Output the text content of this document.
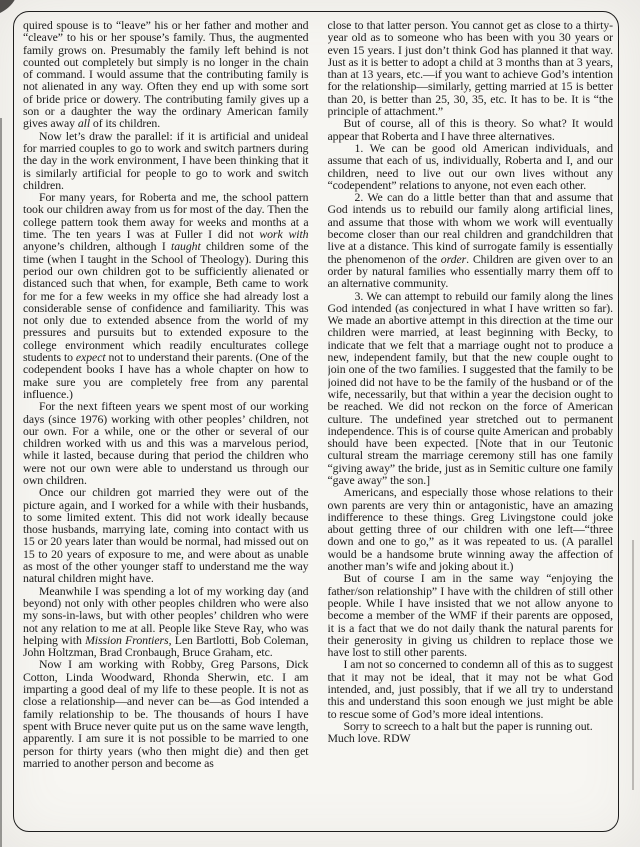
quired spouse is to “leave” his or her father and mother and “cleave” to his or her spouse’s family. Thus, the augmented family grows on. Presumably the family left behind is not counted out completely but simply is no longer in the chain of command. I would assume that the contributing family is not alienated in any way. Often they end up with some sort of bride price or dowery. The contributing family gives up a son or a daughter the way the ordinary American family gives away all of its children.

Now let’s draw the parallel: if it is artificial and unideal for married couples to go to work and switch partners during the day in the work environment, I have been thinking that it is similarly artificial for people to go to work and switch children.

For many years, for Roberta and me, the school pattern took our children away from us for most of the day. Then the college pattern took them away for weeks and months at a time. The ten years I was at Fuller I did not work with anyone’s children, although I taught children some of the time (when I taught in the School of Theology). During this period our own children got to be sufficiently alienated or distanced such that when, for example, Beth came to work for me for a few weeks in my office she had already lost a considerable sense of confidence and familiarity. This was not only due to extended absence from the world of my pressures and pursuits but to extended exposure to the college environment which readily enculturates college students to expect not to understand their parents. (One of the codependent books I have has a whole chapter on how to make sure you are completely free from any parental influence.)

For the next fifteen years we spent most of our working days (since 1976) working with other peoples’ children, not our own. For a while, one or the other or several of our children worked with us and this was a marvelous period, while it lasted, because during that period the children who were not our own were able to understand us through our own children.

Once our children got married they were out of the picture again, and I worked for a while with their husbands, to some limited extent. This did not work ideally because those husbands, marrying late, coming into contact with us 15 or 20 years later than would be normal, had missed out on 15 to 20 years of exposure to me, and were about as unable as most of the other younger staff to understand me the way natural children might have.

Meanwhile I was spending a lot of my working day (and beyond) not only with other peoples children who were also my sons-in-laws, but with other peoples’ children who were not any relation to me at all. People like Steve Ray, who was helping with Mission Frontiers, Len Bartlotti, Bob Coleman, John Holtzman, Brad Cronbaugh, Bruce Graham, etc.

Now I am working with Robby, Greg Parsons, Dick Cotton, Linda Woodward, Rhonda Sherwin, etc. I am imparting a good deal of my life to these people. It is not as close a relationship—and never can be—as God intended a family relationship to be. The thousands of hours I have spent with Bruce never quite put us on the same wave length, apparently. I am sure it is not possible to be married to one person for thirty years (who then might die) and then get married to another person and become as

close to that latter person. You cannot get as close to a thirty-year old as to someone who has been with you 30 years or even 15 years. I just don’t think God has planned it that way. Just as it is better to adopt a child at 3 months than at 3 years, than at 13 years, etc.—if you want to achieve God’s intention for the relationship—similarly, getting married at 15 is better than 20, is better than 25, 30, 35, etc. It has to be. It is “the principle of attachment.”

But of course, all of this is theory. So what? It would appear that Roberta and I have three alternatives.

1. We can be good old American individuals, and assume that each of us, individually, Roberta and I, and our children, need to live out our own lives without any “codependent” relations to anyone, not even each other.

2. We can do a little better than that and assume that God intends us to rebuild our family along artificial lines, and assume that those with whom we work will eventually become closer than our real children and grandchildren that live at a distance. This kind of surrogate family is essentially the phenomenon of the order. Children are given over to an order by natural families who essentially marry them off to an alternative community.

3. We can attempt to rebuild our family along the lines God intended (as conjectured in what I have written so far). We made an abortive attempt in this direction at the time our children were married, at least beginning with Becky, to indicate that we felt that a marriage ought not to produce a new, independent family, but that the new couple ought to join one of the two families. I suggested that the family to be joined did not have to be the family of the husband or of the wife, necessarily, but that within a year the decision ought to be reached. We did not reckon on the force of American culture. The undefined year stretched out to permanent independence. This is of course quite American and probably should have been expected. [Note that in our Teutonic cultural stream the marriage ceremony still has one family “giving away” the bride, just as in Semitic culture one family “gave away” the son.]

Americans, and especially those whose relations to their own parents are very thin or antagonistic, have an amazing indifference to these things. Greg Livingstone could joke about getting three of our children with one left—“three down and one to go,” as it was repeated to us. (A parallel would be a handsome brute winning away the affection of another man’s wife and joking about it.)

But of course I am in the same way “enjoying the father/son relationship” I have with the children of still other people. While I have insisted that we not allow anyone to become a member of the WMF if their parents are opposed, it is a fact that we do not daily thank the natural parents for their generosity in giving us children to replace those we have lost to still other parents.

I am not so concerned to condemn all of this as to suggest that it may not be ideal, that it may not be what God intended, and, just possibly, that if we all try to understand this and understand this soon enough we just might be able to rescue some of God’s more ideal intentions.

Sorry to screech to a halt but the paper is running out.

Much love. RDW
